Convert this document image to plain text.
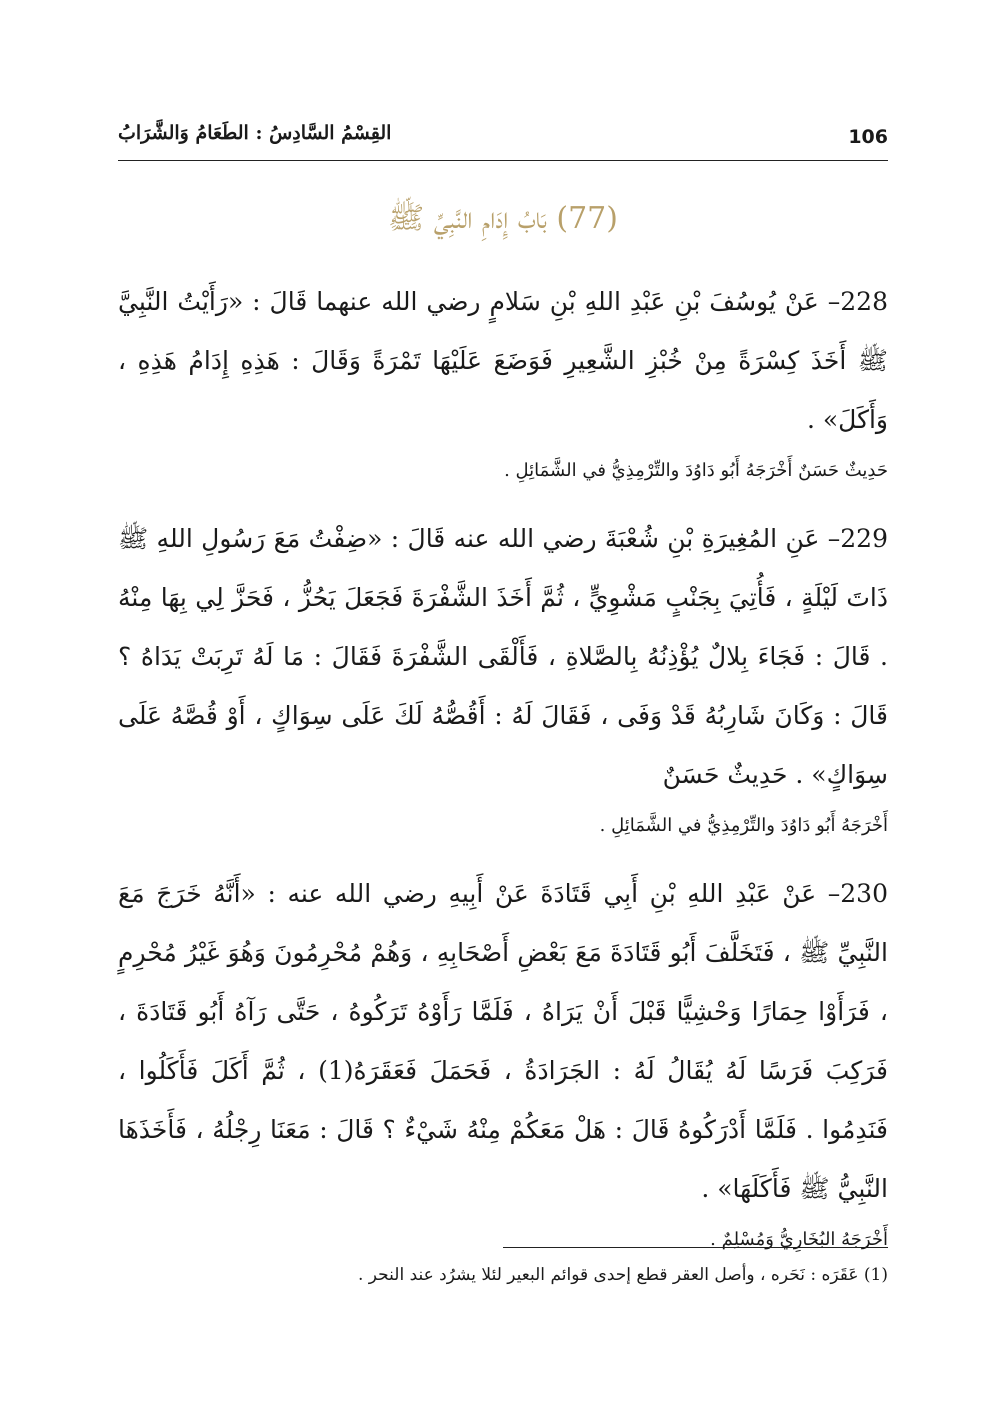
106
القِسْمُ السَّادِسُ : الطَعَامُ وَالشَّرَابُ
(77) بَابُ إِدَامِ النَّبِيِّ ﷺ

228– عَنْ يُوسُفَ بْنِ عَبْدِ اللهِ بْنِ سَلامٍ رضي الله عنهما قَالَ : «رَأَيْتُ النَّبِيَّ ﷺ أَخَذَ كِسْرَةً مِنْ خُبْزِ الشَّعِيرِ فَوَضَعَ عَلَيْهَا تَمْرَةً وَقَالَ : هَذِهِ إِدَامُ هَذِهِ ، وَأَكَلَ» .

حَدِيثٌ حَسَنٌ أَخْرَجَهُ أَبُو دَاوُدَ والتِّرْمِذِيُّ في الشَّمَائِلِ .

229– عَنِ المُغِيرَةِ بْنِ شُعْبَةَ رضي الله عنه قَالَ : «ضِفْتُ مَعَ رَسُولِ اللهِ ﷺ ذَاتَ لَيْلَةٍ ، فَأُتِيَ بِجَنْبٍ مَشْوِيٍّ ، ثُمَّ أَخَذَ الشَّفْرَةَ فَجَعَلَ يَحُزُّ ، فَحَزَّ لِي بِهَا مِنْهُ . قَالَ : فَجَاءَ بِلالٌ يُؤْذِنُهُ بِالصَّلاةِ ، فَأَلْقَى الشَّفْرَةَ فَقَالَ : مَا لَهُ تَرِبَتْ يَدَاهُ ؟ قَالَ : وَكَانَ شَارِبُهُ قَدْ وَفَى ، فَقَالَ لَهُ : أَقُصُّهُ لَكَ عَلَى سِوَاكٍ ، أَوْ قُصَّهُ عَلَى سِوَاكٍ» . حَدِيثٌ حَسَنٌ

أَخْرَجَهُ أَبُو دَاوُدَ والتِّرْمِذِيُّ في الشَّمَائِلِ .

230– عَنْ عَبْدِ اللهِ بْنِ أَبِي قَتَادَةَ عَنْ أَبِيهِ رضي الله عنه : «أَنَّهُ خَرَجَ مَعَ النَّبِيِّ ﷺ ، فَتَخَلَّفَ أَبُو قَتَادَةَ مَعَ بَعْضِ أَصْحَابِهِ ، وَهُمْ مُحْرِمُونَ وَهُوَ غَيْرُ مُحْرِمٍ ، فَرَأَوْا حِمَارًا وَحْشِيًّا قَبْلَ أَنْ يَرَاهُ ، فَلَمَّا رَأَوْهُ تَرَكُوهُ ، حَتَّى رَآهُ أَبُو قَتَادَةَ ، فَرَكِبَ فَرَسًا لَهُ يُقَالُ لَهُ : الجَرَادَةُ ، فَحَمَلَ فَعَقَرَهُ(1) ، ثُمَّ أَكَلَ فَأَكَلُوا ، فَنَدِمُوا . فَلَمَّا أَدْرَكُوهُ قَالَ : هَلْ مَعَكُمْ مِنْهُ شَيْءٌ ؟ قَالَ : مَعَنَا رِجْلُهُ ، فَأَخَذَهَا النَّبِيُّ ﷺ فَأَكَلَهَا» .

أَخْرَجَهُ البُخَارِيُّ وَمُسْلِمٌ .

(1) عَقَرَه : نَحَره ، وأصل العقر قطع إحدى قوائم البعير لئلا يشرُد عند النحر .
